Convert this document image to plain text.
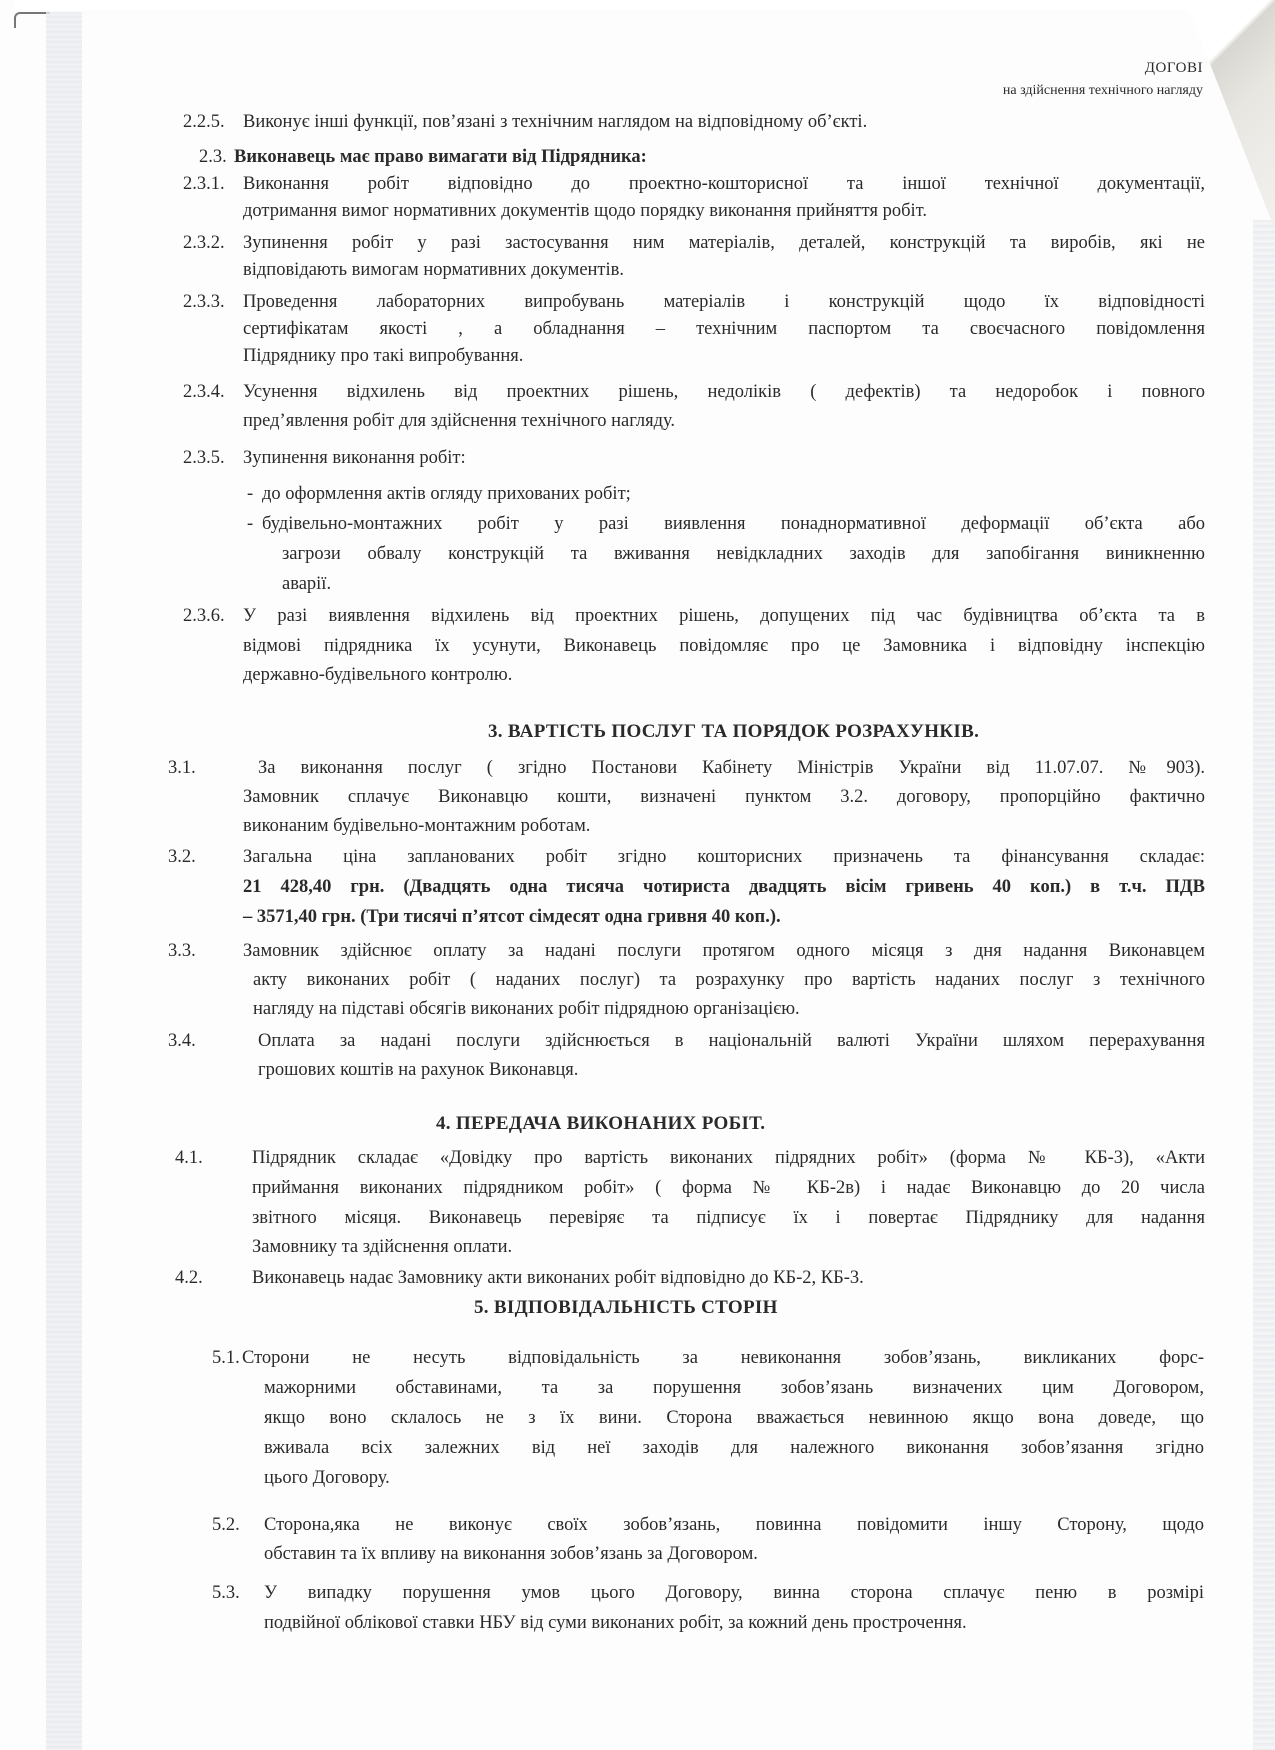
ДОГОВІ
на здійснення технічного нагляду
2.2.5. Виконує інші функції, пов’язані з технічним наглядом на відповідному об’єкті.
2.3. Виконавець має право вимагати від Підрядника:
2.3.1. Виконання робіт відповідно до проектно-кошторисної та іншої технічної документації,
дотримання вимог нормативних документів щодо порядку виконання прийняття робіт.
2.3.2. Зупинення робіт у разі застосування ним матеріалів, деталей, конструкцій та виробів, які не
відповідають вимогам нормативних документів.
2.3.3. Проведення лабораторних випробувань матеріалів і конструкцій щодо їх відповідності
сертифікатам якості , а обладнання – технічним паспортом та своєчасного повідомлення
Підряднику про такі випробування.
2.3.4. Усунення відхилень від проектних рішень, недоліків ( дефектів) та недоробок і повного
пред’явлення робіт для здійснення технічного нагляду.
2.3.5. Зупинення виконання робіт:
- до оформлення актів огляду прихованих робіт;
- будівельно-монтажних робіт у разі виявлення понаднормативної деформації об’єкта або
загрози обвалу конструкцій та вживання невідкладних заходів для запобігання виникненню
аварії.
2.3.6. У разі виявлення відхилень від проектних рішень, допущених під час будівництва об’єкта та в
відмові підрядника їх усунути, Виконавець повідомляє про це Замовника і відповідну інспекцію
державно-будівельного контролю.
3. ВАРТІСТЬ ПОСЛУГ ТА ПОРЯДОК РОЗРАХУНКІВ.
3.1.	За виконання послуг ( згідно Постанови Кабінету Міністрів України від 11.07.07. №903).
Замовник сплачує Виконавцю кошти, визначені пунктом 3.2. договору, пропорційно фактично
виконаним будівельно-монтажним роботам.
3.2.	Загальна ціна запланованих робіт згідно кошторисних призначень та фінансування складає:
21 428,40 грн. (Двадцять одна тисяча чотириста двадцять вісім гривень 40 коп.) в т.ч. ПДВ
– 3571,40 грн. (Три тисячі п’ятсот сімдесят одна гривня 40 коп.).
3.3.	Замовник здійснює оплату за надані послуги протягом одного місяця з дня надання Виконавцем
акту виконаних робіт ( наданих послуг) та розрахунку про вартість наданих послуг з технічного
нагляду на підставі обсягів виконаних робіт підрядною організацією.
3.4.	Оплата за надані послуги здійснюється в національній валюті України шляхом перерахування
грошових коштів на рахунок Виконавця.
4. ПЕРЕДАЧА ВИКОНАНИХ РОБІТ.
4.1.	Підрядник складає «Довідку про вартість виконаних підрядних робіт» (форма № КБ-3), «Акти
приймання виконаних підрядником робіт» ( форма № КБ-2в) і надає Виконавцю до 20 числа
звітного місяця. Виконавець перевіряє та підписує їх і повертає Підряднику для надання
Замовнику та здійснення оплати.
4.2.	Виконавець надає Замовнику акти виконаних робіт відповідно до КБ-2, КБ-3.
5. ВІДПОВІДАЛЬНІСТЬ СТОРІН
5.1. Сторони не несуть відповідальність за невиконання зобов’язань, викликаних форс-
мажорними обставинами, та за порушення зобов’язань визначених цим Договором,
якщо воно склалось не з їх вини. Сторона вважається невинною якщо вона доведе, що
вживала всіх залежних від неї заходів для належного виконання зобов’язання згідно
цього Договору.
5.2. Сторона,яка не виконує своїх зобов’язань, повинна повідомити іншу Сторону, щодо
обставин та їх впливу на виконання зобов’язань за Договором.
5.3. У випадку порушення умов цього Договору, винна сторона сплачує пеню в розмірі
подвійної облікової ставки НБУ від суми виконаних робіт, за кожний день прострочення.
